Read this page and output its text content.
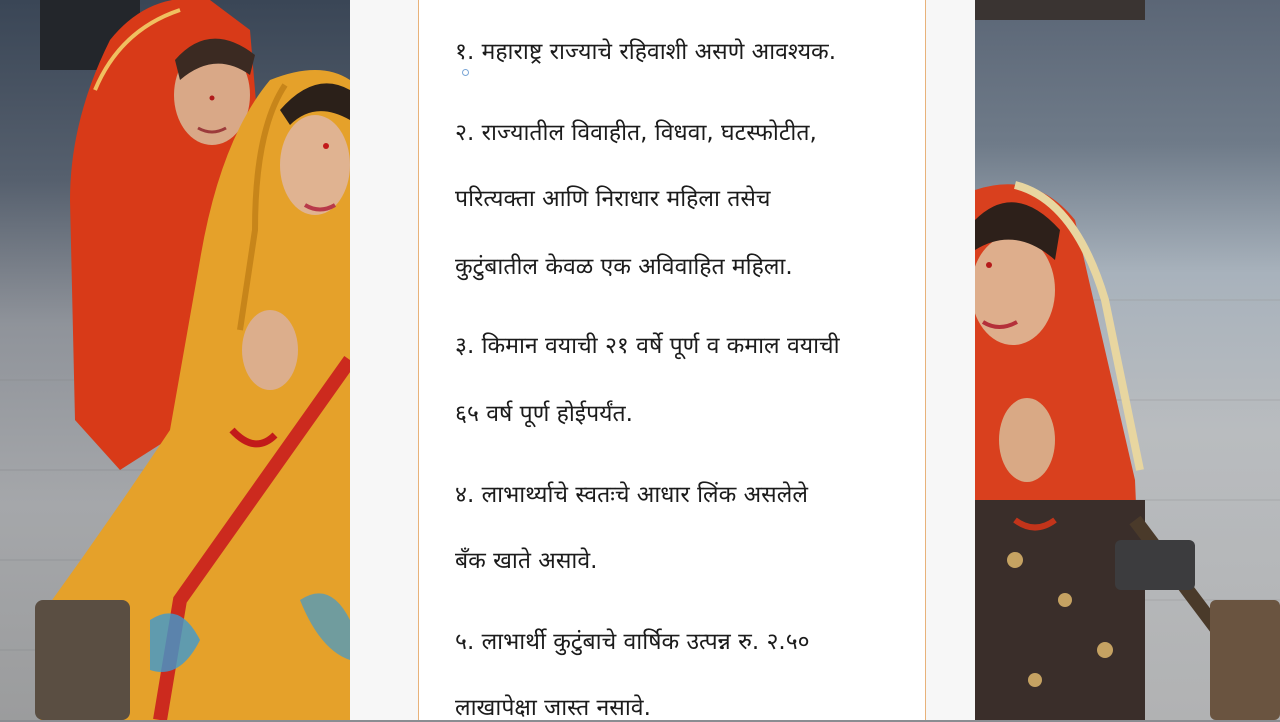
१. महाराष्ट्र राज्याचे रहिवाशी असणे आवश्यक.
२. राज्यातील विवाहीत, विधवा, घटस्फोटीत,
परित्यक्ता आणि निराधार महिला तसेच
कुटुंबातील केवळ एक अविवाहित महिला.
३. किमान वयाची २१ वर्षे पूर्ण व कमाल वयाची
६५ वर्ष पूर्ण होईपर्यंत.
४. लाभार्थ्याचे स्वतःचे आधार लिंक असलेले
बँक खाते असावे.
५. लाभार्थी कुटुंबाचे वार्षिक उत्पन्न रु. २.५०
लाखापेक्षा जास्त नसावे.
